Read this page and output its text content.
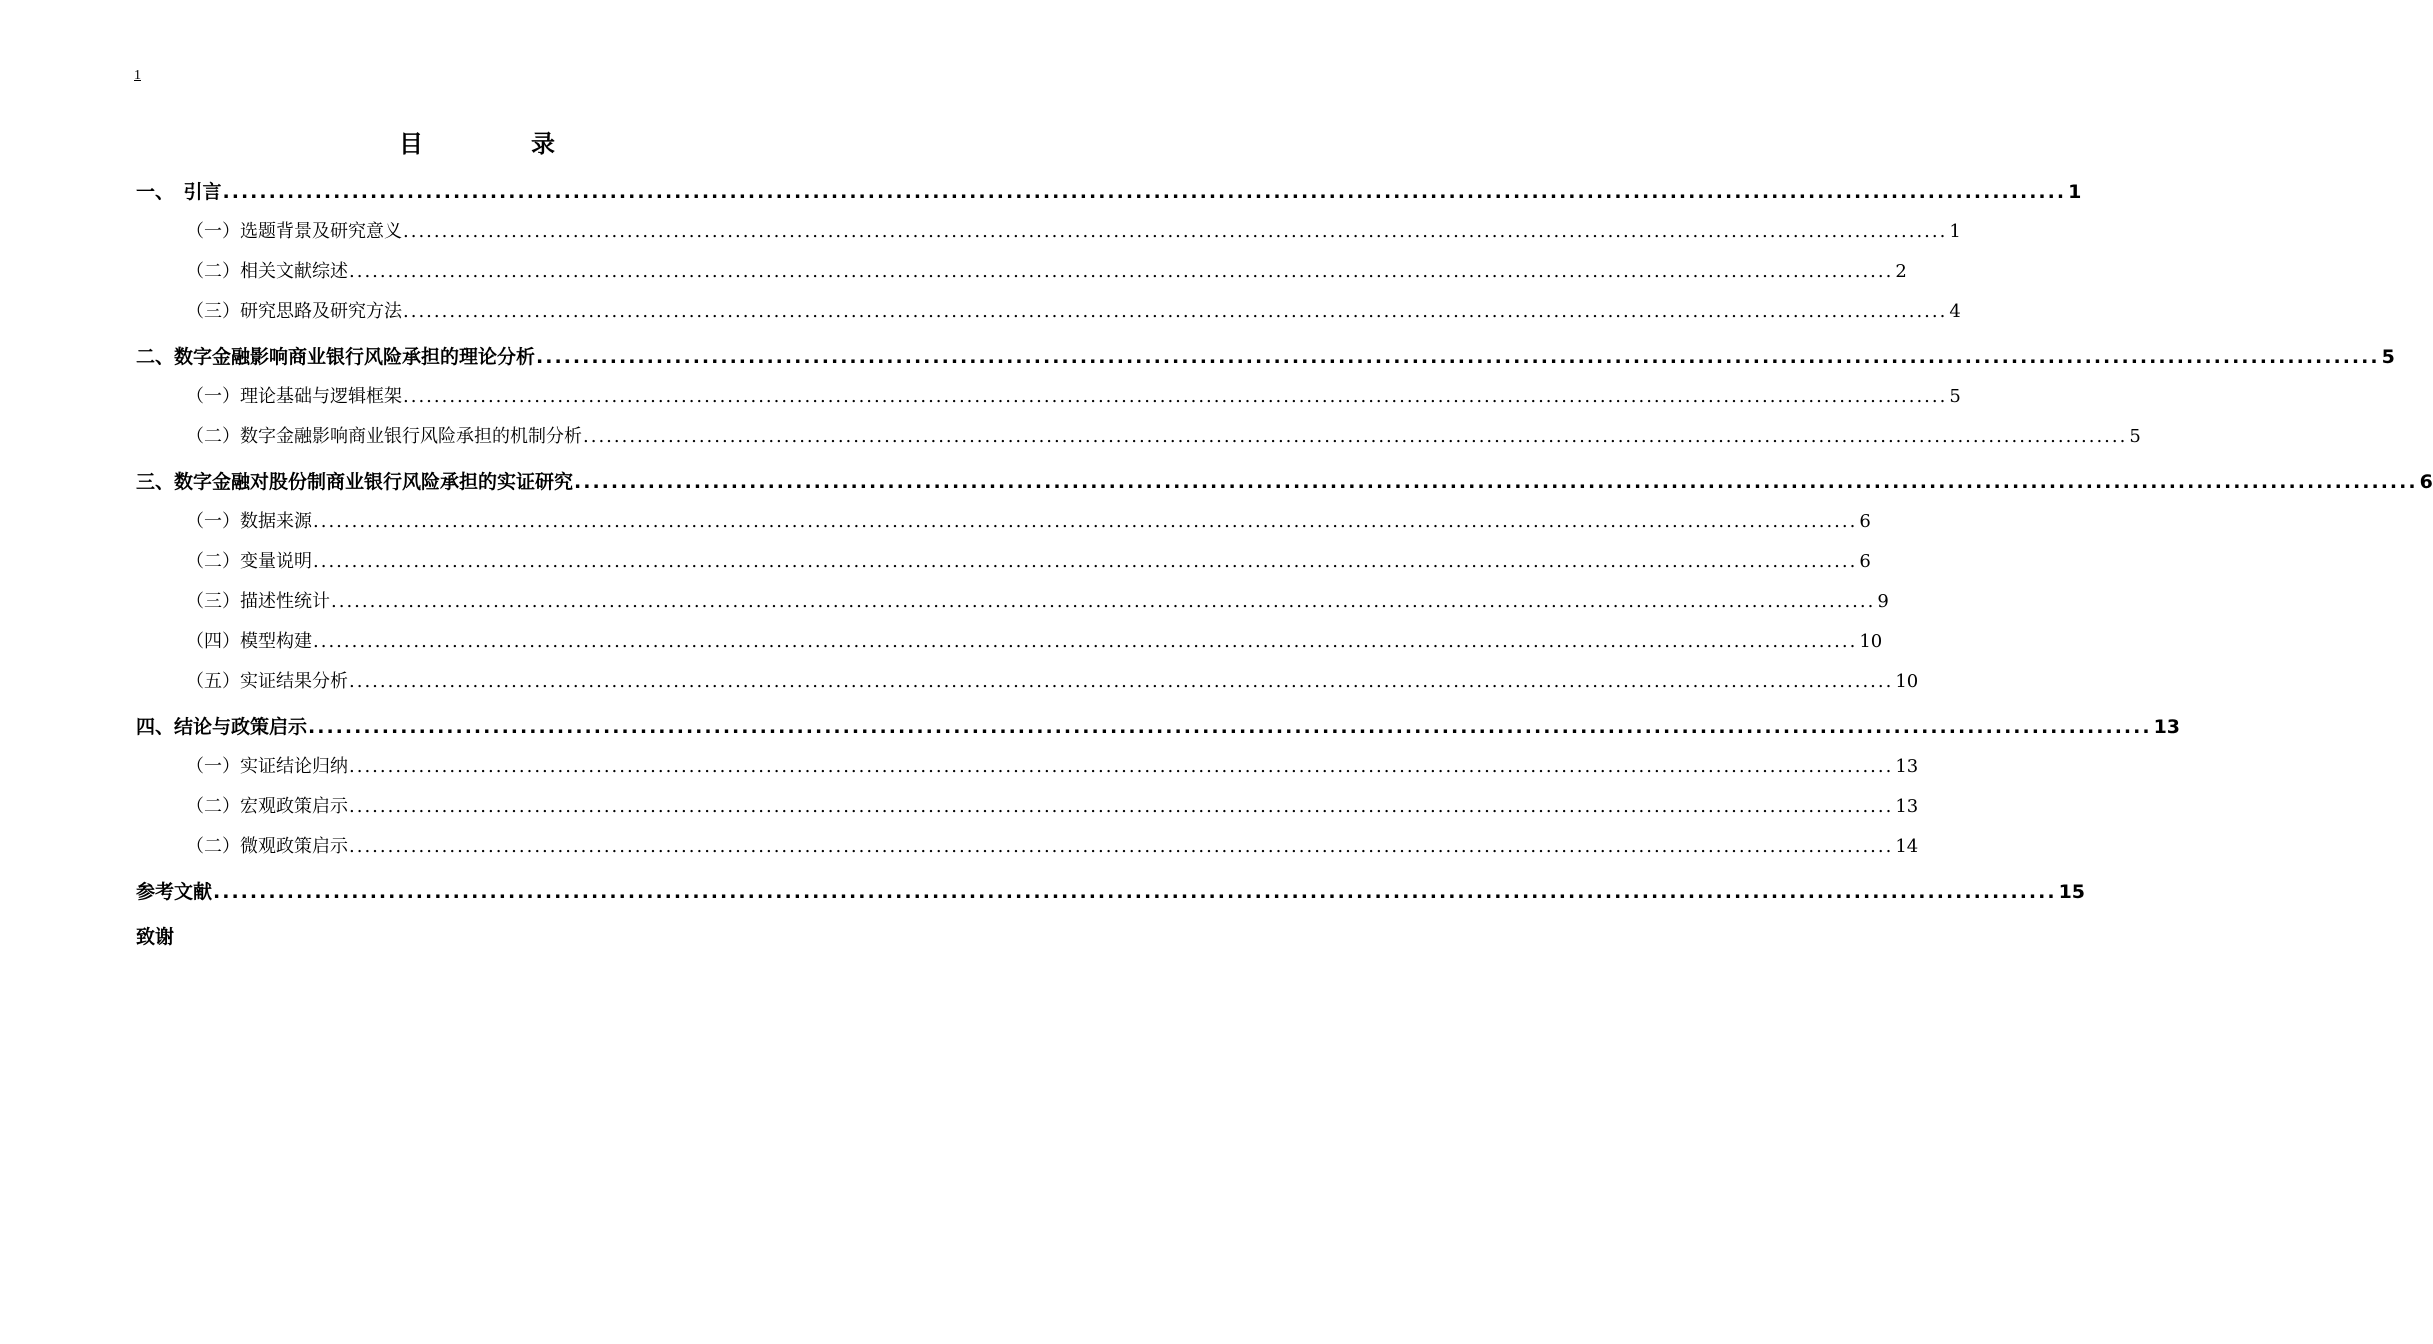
1
目　录
一、　引言 ........................................................................................................................................................................................................ 1
（一）选题背景及研究意义 ........................................................................................................................................................................................................ 1
（二）相关文献综述 ........................................................................................................................................................................................................ 2
（三）研究思路及研究方法 ........................................................................................................................................................................................................ 4
二、数字金融影响商业银行风险承担的理论分析 ........................................................................................................................................................................................................ 5
（一）理论基础与逻辑框架 ........................................................................................................................................................................................................ 5
（二）数字金融影响商业银行风险承担的机制分析 ........................................................................................................................................................................................................ 5
三、数字金融对股份制商业银行风险承担的实证研究 ........................................................................................................................................................................................................ 6
（一）数据来源 ........................................................................................................................................................................................................ 6
（二）变量说明 ........................................................................................................................................................................................................ 6
（三）描述性统计 ........................................................................................................................................................................................................ 9
（四）模型构建 ........................................................................................................................................................................................................ 10
（五）实证结果分析 ........................................................................................................................................................................................................ 10
四、结论与政策启示 ........................................................................................................................................................................................................ 13
（一）实证结论归纳 ........................................................................................................................................................................................................ 13
（二）宏观政策启示 ........................................................................................................................................................................................................ 13
（二）微观政策启示 ........................................................................................................................................................................................................ 14
参考文献 ........................................................................................................................................................................................................ 15
致谢
